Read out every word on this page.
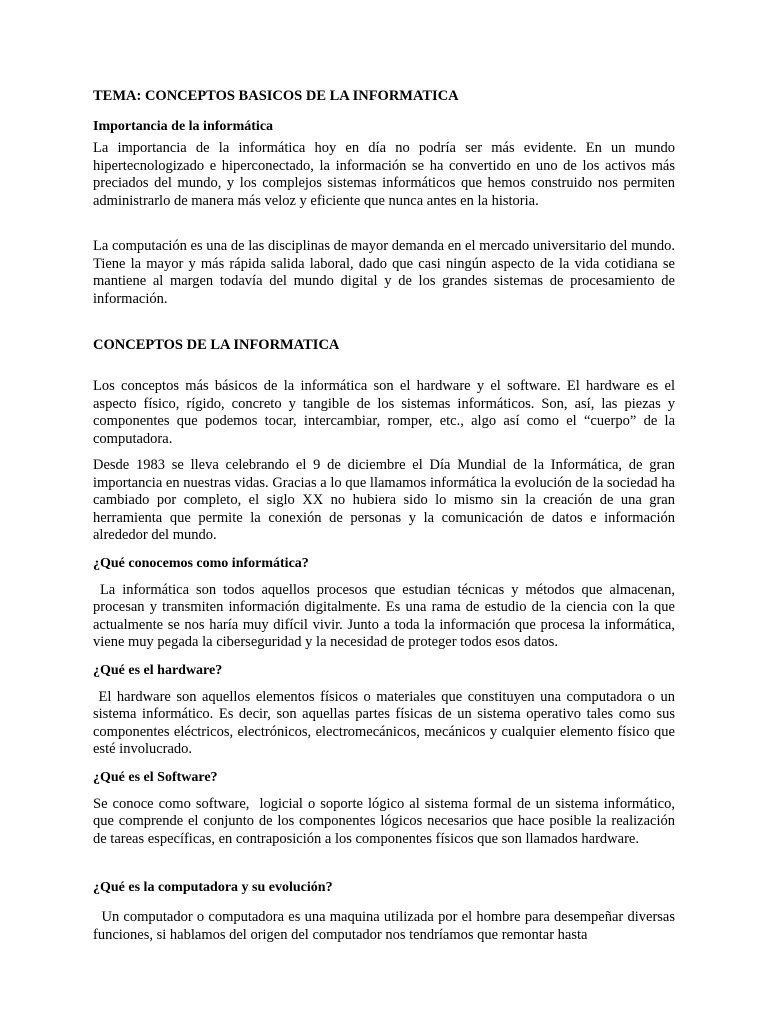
TEMA: CONCEPTOS BASICOS DE LA INFORMATICA
Importancia de la informática

La importancia de la informática hoy en día no podría ser más evidente. En un mundo hipertecnologizado e hiperconectado, la información se ha convertido en uno de los activos más preciados del mundo, y los complejos sistemas informáticos que hemos construido nos permiten administrarlo de manera más veloz y eficiente que nunca antes en la historia.

La computación es una de las disciplinas de mayor demanda en el mercado universitario del mundo. Tiene la mayor y más rápida salida laboral, dado que casi ningún aspecto de la vida cotidiana se mantiene al margen todavía del mundo digital y de los grandes sistemas de procesamiento de información.

CONCEPTOS DE LA INFORMATICA

Los conceptos más básicos de la informática son el hardware y el software. El hardware es el aspecto físico, rígido, concreto y tangible de los sistemas informáticos. Son, así, las piezas y componentes que podemos tocar, intercambiar, romper, etc., algo así como el “cuerpo” de la computadora.

Desde 1983 se lleva celebrando el 9 de diciembre el Día Mundial de la Informática, de gran importancia en nuestras vidas. Gracias a lo que llamamos informática la evolución de la sociedad ha cambiado por completo, el siglo XX no hubiera sido lo mismo sin la creación de una gran herramienta que permite la conexión de personas y la comunicación de datos e información alrededor del mundo.

¿Qué conocemos como informática?

La informática son todos aquellos procesos que estudian técnicas y métodos que almacenan, procesan y transmiten información digitalmente. Es una rama de estudio de la ciencia con la que actualmente se nos haría muy difícil vivir. Junto a toda la información que procesa la informática, viene muy pegada la ciberseguridad y la necesidad de proteger todos esos datos.

¿Qué es el hardware?

El hardware son aquellos elementos físicos o materiales que constituyen una computadora o un sistema informático. Es decir, son aquellas partes físicas de un sistema operativo tales como sus componentes eléctricos, electrónicos, electromecánicos, mecánicos y cualquier elemento físico que esté involucrado.

¿Qué es el Software?

Se conoce como software,  logicial o soporte lógico al sistema formal de un sistema informático, que comprende el conjunto de los componentes lógicos necesarios que hace posible la realización de tareas específicas, en contraposición a los componentes físicos que son llamados hardware.

¿Qué es la computadora y su evolución?

Un computador o computadora es una maquina utilizada por el hombre para desempeñar diversas funciones, si hablamos del origen del computador nos tendríamos que remontar hasta
